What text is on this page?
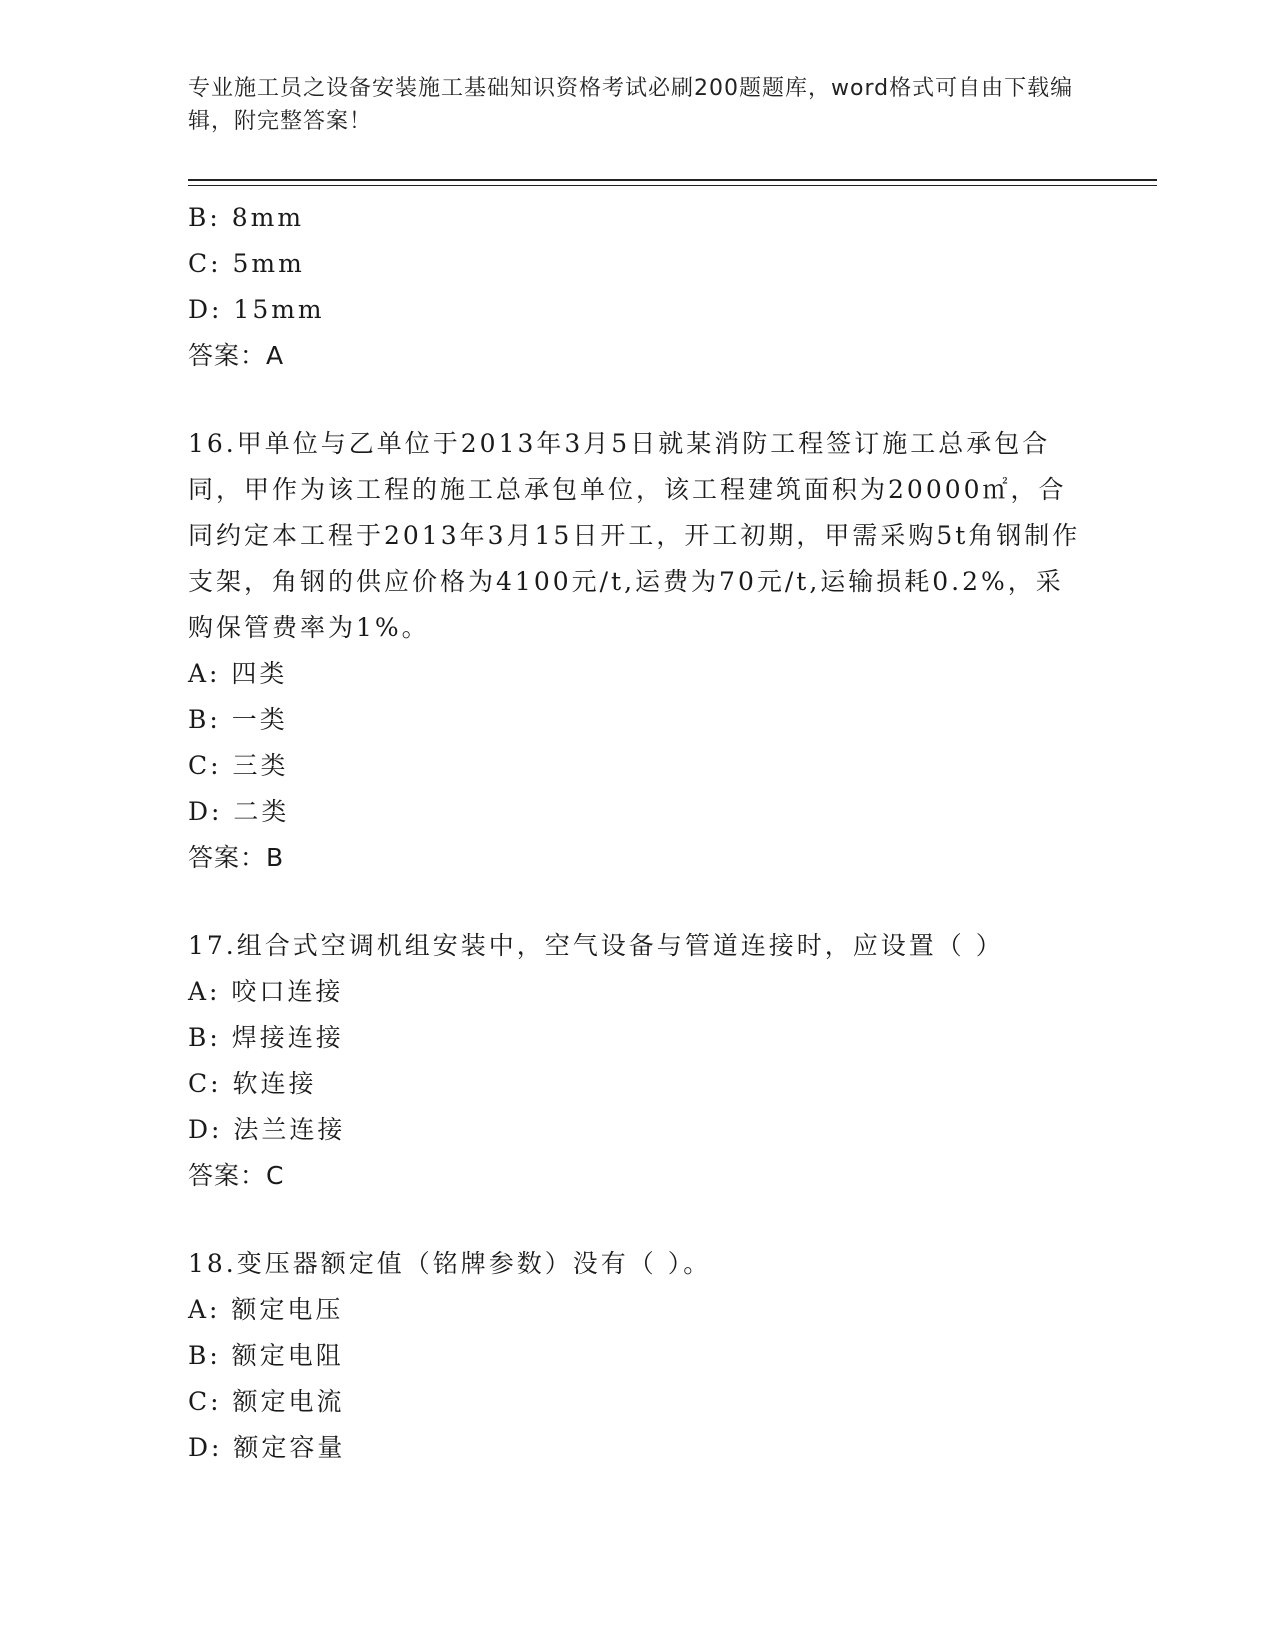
专业施工员之设备安装施工基础知识资格考试必刷200题题库，word格式可自由下载编辑，附完整答案！
B: 8mm
C: 5mm
D: 15mm
答案：A
16.甲单位与乙单位于2013年3月5日就某消防工程签订施工总承包合同，甲作为该工程的施工总承包单位，该工程建筑面积为20000㎡，合同约定本工程于2013年3月15日开工，开工初期，甲需采购5t角钢制作支架，角钢的供应价格为4100元/t,运费为70元/t,运输损耗0.2%，采购保管费率为1%。
A: 四类
B: 一类
C: 三类
D: 二类
答案：B
17.组合式空调机组安装中，空气设备与管道连接时，应设置（ ）
A: 咬口连接
B: 焊接连接
C: 软连接
D: 法兰连接
答案：C
18.变压器额定值（铭牌参数）没有（ ）。
A: 额定电压
B: 额定电阻
C: 额定电流
D: 额定容量
